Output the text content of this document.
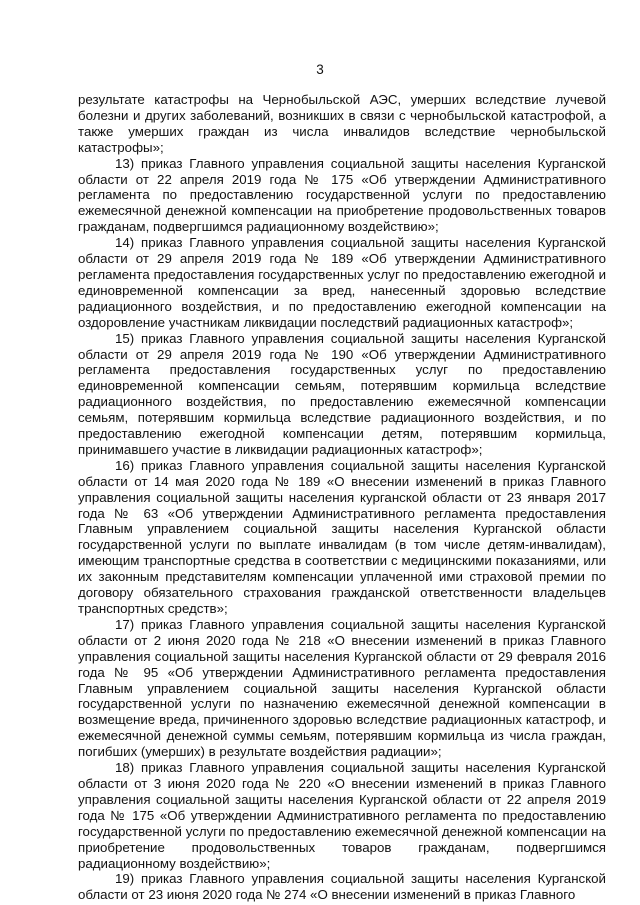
3

результате катастрофы на Чернобыльской АЭС, умерших вследствие лучевой болезни и других заболеваний, возникших в связи с чернобыльской катастрофой, а также умерших граждан из числа инвалидов вследствие чернобыльской катастрофы»;

13) приказ Главного управления социальной защиты населения Курганской области от 22 апреля 2019 года № 175 «Об утверждении Административного регламента по предоставлению государственной услуги по предоставлению ежемесячной денежной компенсации на приобретение продовольственных товаров гражданам, подвергшимся радиационному воздействию»;

14) приказ Главного управления социальной защиты населения Курганской области от 29 апреля 2019 года № 189 «Об утверждении Административного регламента предоставления государственных услуг по предоставлению ежегодной и единовременной компенсации за вред, нанесенный здоровью вследствие радиационного воздействия, и по предоставлению ежегодной компенсации на оздоровление участникам ликвидации последствий радиационных катастроф»;

15) приказ Главного управления социальной защиты населения Курганской области от 29 апреля 2019 года № 190 «Об утверждении Административного регламента предоставления государственных услуг по предоставлению единовременной компенсации семьям, потерявшим кормильца вследствие радиационного воздействия, по предоставлению ежемесячной компенсации семьям, потерявшим кормильца вследствие радиационного воздействия, и по предоставлению ежегодной компенсации детям, потерявшим кормильца, принимавшего участие в ликвидации радиационных катастроф»;

16) приказ Главного управления социальной защиты населения Курганской области от 14 мая 2020 года № 189 «О внесении изменений в приказ Главного управления социальной защиты населения курганской области от 23 января 2017 года № 63 «Об утверждении Административного регламента предоставления Главным управлением социальной защиты населения Курганской области государственной услуги по выплате инвалидам (в том числе детям-инвалидам), имеющим транспортные средства в соответствии с медицинскими показаниями, или их законным представителям компенсации уплаченной ими страховой премии по договору обязательного страхования гражданской ответственности владельцев транспортных средств»;

17) приказ Главного управления социальной защиты населения Курганской области от 2 июня 2020 года № 218 «О внесении изменений в приказ Главного управления социальной защиты населения Курганской области от 29 февраля 2016 года № 95 «Об утверждении Административного регламента предоставления Главным управлением социальной защиты населения Курганской области государственной услуги по назначению ежемесячной денежной компенсации в возмещение вреда, причиненного здоровью вследствие радиационных катастроф, и ежемесячной денежной суммы семьям, потерявшим кормильца из числа граждан, погибших (умерших) в результате воздействия радиации»;

18) приказ Главного управления социальной защиты населения Курганской области от 3 июня 2020 года № 220 «О внесении изменений в приказ Главного управления социальной защиты населения Курганской области от 22 апреля 2019 года № 175 «Об утверждении Административного регламента по предоставлению государственной услуги по предоставлению ежемесячной денежной компенсации на приобретение продовольственных товаров гражданам, подвергшимся радиационному воздействию»;

19) приказ Главного управления социальной защиты населения Курганской области от 23 июня 2020 года № 274 «О внесении изменений в приказ Главного
